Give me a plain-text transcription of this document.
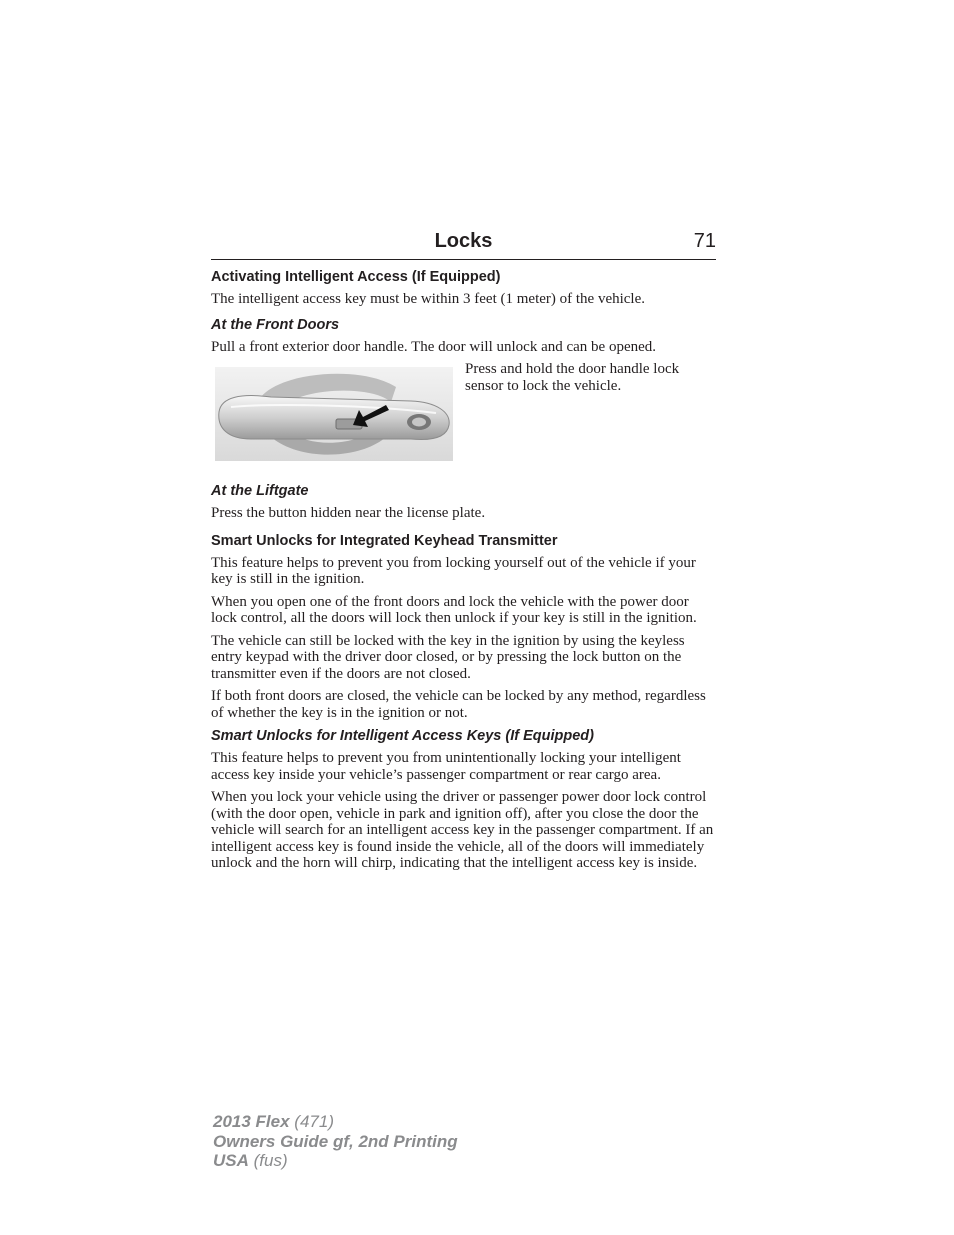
Locks	71
Activating Intelligent Access (If Equipped)

The intelligent access key must be within 3 feet (1 meter) of the vehicle.

At the Front Doors

Pull a front exterior door handle. The door will unlock and can be opened.

Press and hold the door handle lock sensor to lock the vehicle.

At the Liftgate

Press the button hidden near the license plate.

Smart Unlocks for Integrated Keyhead Transmitter

This feature helps to prevent you from locking yourself out of the vehicle if your key is still in the ignition.

When you open one of the front doors and lock the vehicle with the power door lock control, all the doors will lock then unlock if your key is still in the ignition.

The vehicle can still be locked with the key in the ignition by using the keyless entry keypad with the driver door closed, or by pressing the lock button on the transmitter even if the doors are not closed.

If both front doors are closed, the vehicle can be locked by any method, regardless of whether the key is in the ignition or not.

Smart Unlocks for Intelligent Access Keys (If Equipped)

This feature helps to prevent you from unintentionally locking your intelligent access key inside your vehicle’s passenger compartment or rear cargo area.

When you lock your vehicle using the driver or passenger power door lock control (with the door open, vehicle in park and ignition off), after you close the door the vehicle will search for an intelligent access key in the passenger compartment. If an intelligent access key is found inside the vehicle, all of the doors will immediately unlock and the horn will chirp, indicating that the intelligent access key is inside.

2013 Flex (471)
Owners Guide gf, 2nd Printing
USA (fus)
